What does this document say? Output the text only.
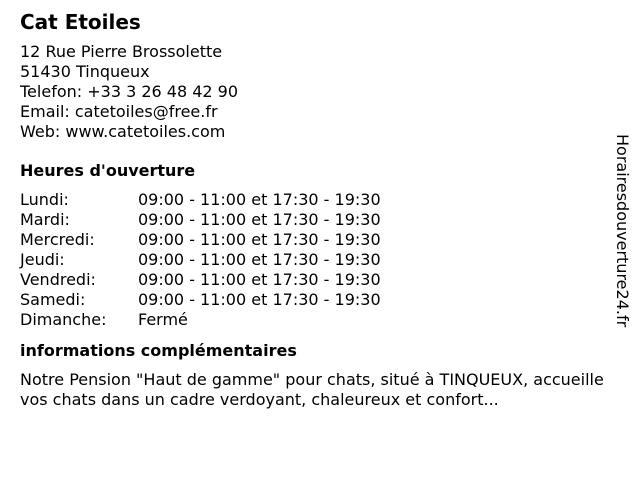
Cat Etoiles
12 Rue Pierre Brossolette
51430 Tinqueux
Telefon: +33 3 26 48 42 90
Email: catetoiles@free.fr
Web: www.catetoiles.com
Heures d'ouverture
Lundi:	09:00 - 11:00 et 17:30 - 19:30
Mardi:	09:00 - 11:00 et 17:30 - 19:30
Mercredi:	09:00 - 11:00 et 17:30 - 19:30
Jeudi:	09:00 - 11:00 et 17:30 - 19:30
Vendredi:	09:00 - 11:00 et 17:30 - 19:30
Samedi:	09:00 - 11:00 et 17:30 - 19:30
Dimanche:	Fermé
informations complémentaires
Notre Pension "Haut de gamme" pour chats, situé à TINQUEUX, accueille vos chats dans un cadre verdoyant, chaleureux et confort...
Horairesdouverture24.fr
